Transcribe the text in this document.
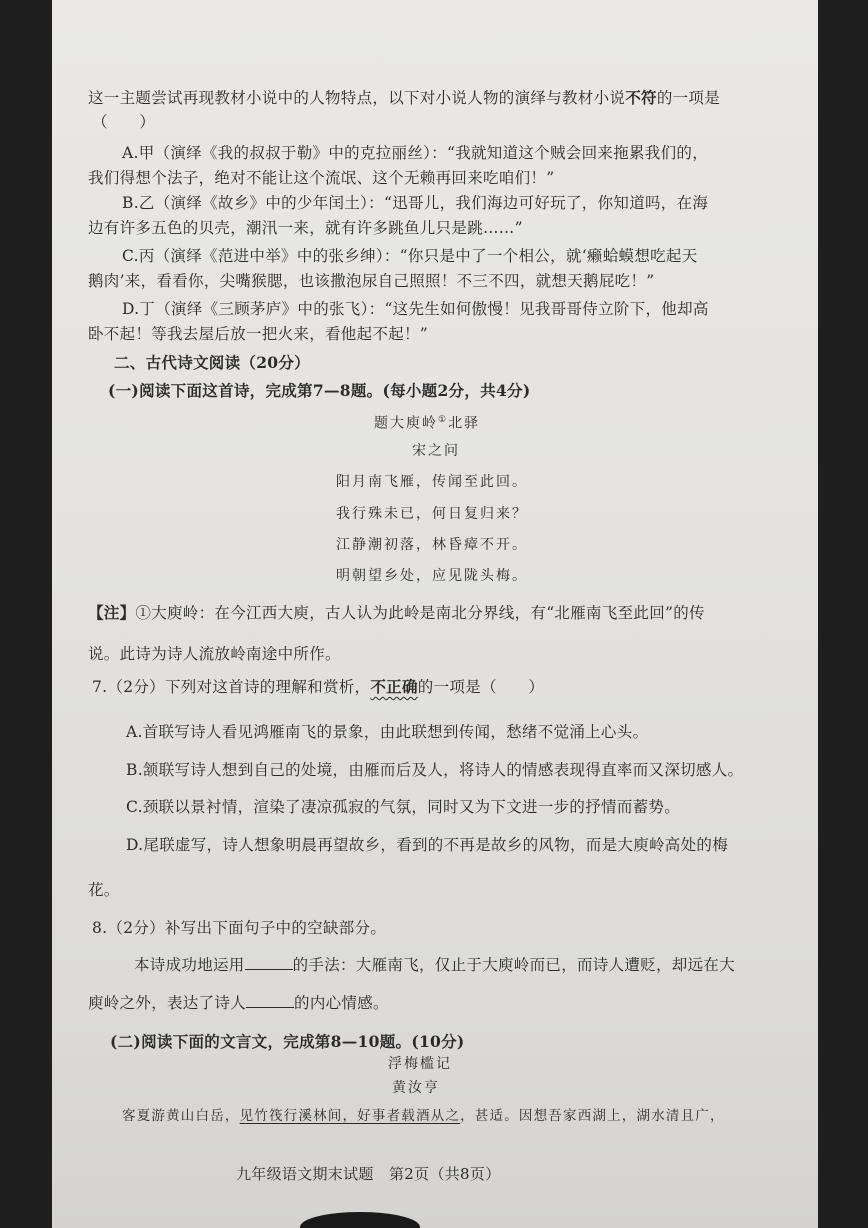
这一主题尝试再现教材小说中的人物特点，以下对小说人物的演绎与教材小说不符的一项是
（　　）
A.甲（演绎《我的叔叔于勒》中的克拉丽丝）：“我就知道这个贼会回来拖累我们的，
我们得想个法子，绝对不能让这个流氓、这个无赖再回来吃咱们！”
B.乙（演绎《故乡》中的少年闰土）：“迅哥儿，我们海边可好玩了，你知道吗，在海
边有许多五色的贝壳，潮汛一来，就有许多跳鱼儿只是跳……”
C.丙（演绎《范进中举》中的张乡绅）：“你只是中了一个相公，就‘癞蛤蟆想吃起天
鹅肉’来，看看你，尖嘴猴腮，也该撒泡尿自己照照！不三不四，就想天鹅屁吃！”
D.丁（演绎《三顾茅庐》中的张飞）：“这先生如何傲慢！见我哥哥侍立阶下，他却高
卧不起！等我去屋后放一把火来，看他起不起！”
二、古代诗文阅读（20分）
(一)阅读下面这首诗，完成第7—8题。(每小题2分，共4分)
题大庾岭①北驿
宋之问
阳月南飞雁，传闻至此回。
我行殊未已，何日复归来？
江静潮初落，林昏瘴不开。
明朝望乡处，应见陇头梅。
【注】①大庾岭：在今江西大庾，古人认为此岭是南北分界线，有“北雁南飞至此回”的传
说。此诗为诗人流放岭南途中所作。
7.（2分）下列对这首诗的理解和赏析，不正确的一项是（　　）
A.首联写诗人看见鸿雁南飞的景象，由此联想到传闻，愁绪不觉涌上心头。
B.颔联写诗人想到自己的处境，由雁而后及人，将诗人的情感表现得直率而又深切感人。
C.颈联以景衬情，渲染了凄凉孤寂的气氛，同时又为下文进一步的抒情而蓄势。
D.尾联虚写，诗人想象明晨再望故乡，看到的不再是故乡的风物，而是大庾岭高处的梅
花。
8.（2分）补写出下面句子中的空缺部分。
本诗成功地运用	的手法：大雁南飞，仅止于大庾岭而已，而诗人遭贬，却远在大
庾岭之外，表达了诗人	的内心情感。
(二)阅读下面的文言文，完成第8—10题。(10分)
浮梅槛记
黄汝亨
客夏游黄山白岳，见竹筏行溪林间，好事者载酒从之，甚适。因想吾家西湖上，湖水清且广，
九年级语文期末试题　第2页（共8页）
